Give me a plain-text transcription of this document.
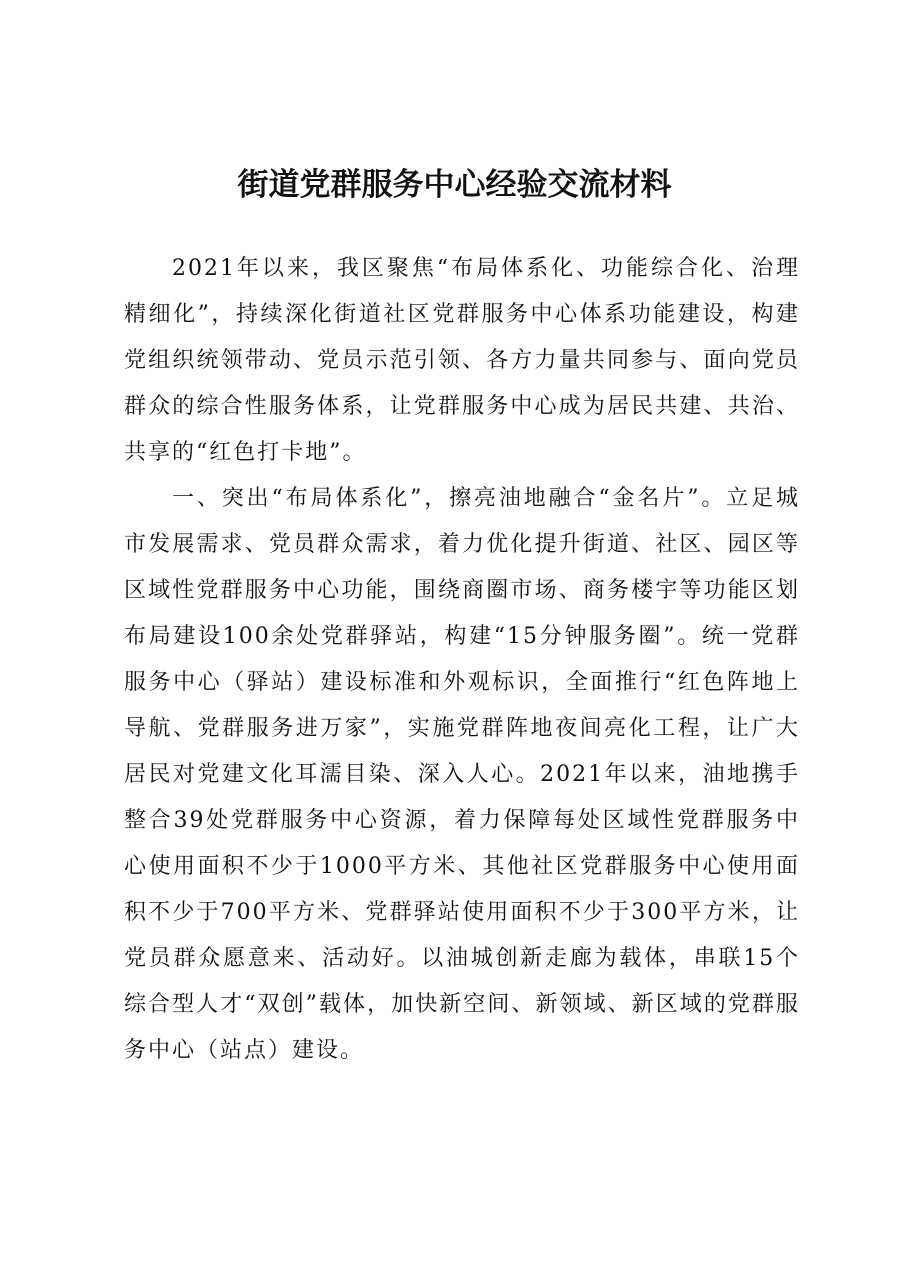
街道党群服务中心经验交流材料

2021年以来，我区聚焦“布局体系化、功能综合化、治理精细化”，持续深化街道社区党群服务中心体系功能建设，构建党组织统领带动、党员示范引领、各方力量共同参与、面向党员群众的综合性服务体系，让党群服务中心成为居民共建、共治、共享的“红色打卡地”。

一、突出“布局体系化”，擦亮油地融合“金名片”。立足城市发展需求、党员群众需求，着力优化提升街道、社区、园区等区域性党群服务中心功能，围绕商圈市场、商务楼宇等功能区划布局建设100余处党群驿站，构建“15分钟服务圈”。统一党群服务中心（驿站）建设标准和外观标识，全面推行“红色阵地上导航、党群服务进万家”，实施党群阵地夜间亮化工程，让广大居民对党建文化耳濡目染、深入人心。2021年以来，油地携手整合39处党群服务中心资源，着力保障每处区域性党群服务中心使用面积不少于1000平方米、其他社区党群服务中心使用面积不少于700平方米、党群驿站使用面积不少于300平方米，让党员群众愿意来、活动好。以油城创新走廊为载体，串联15个综合型人才“双创”载体，加快新空间、新领域、新区域的党群服务中心（站点）建设。
